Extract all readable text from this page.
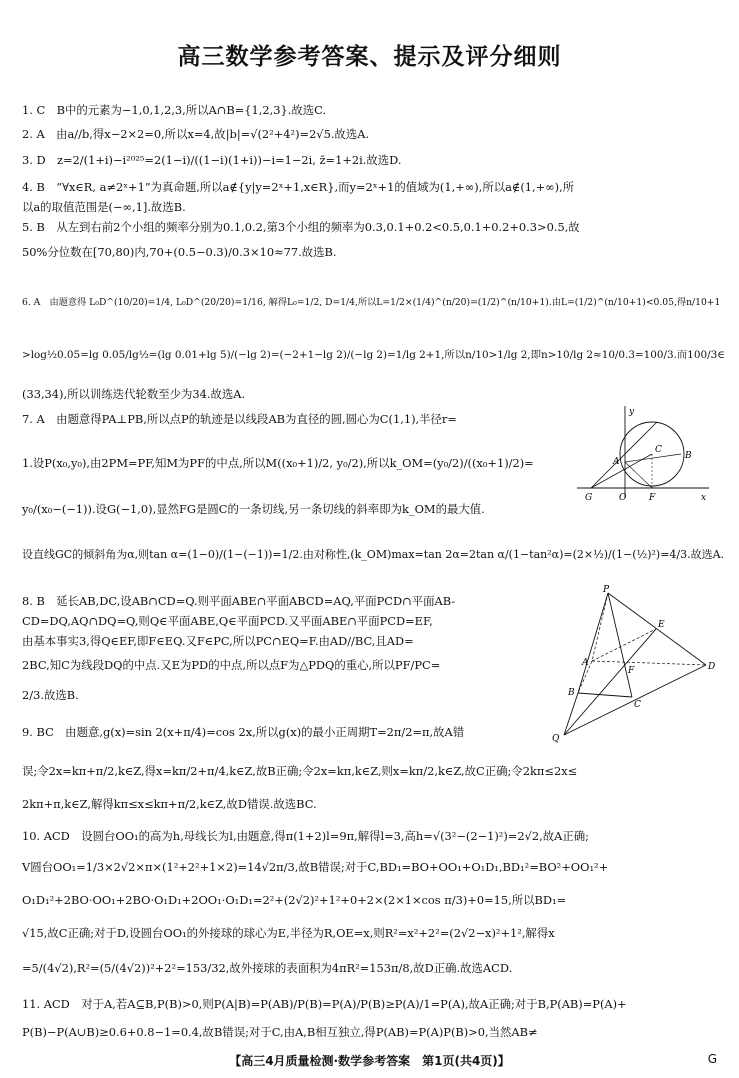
高三数学参考答案、提示及评分细则
1. C　B中的元素为−1,0,1,2,3,所以A∩B={1,2,3}.故选C.
2. A　由a//b,得x−2×2=0,所以x=4,故|b|=√(2²+4²)=2√5.故选A.
3. D　z=2/(1+i)−i²⁰²⁵=2(1−i)/((1−i)(1+i))−i=1−2i, z̄=1+2i.故选D.
4. B　“∀x∈R, a≠2ˣ+1”为真命题,所以a∉{y|y=2ˣ+1,x∈R},而y=2ˣ+1的值域为(1,+∞),所以a∉(1,+∞),所
以a的取值范围是(−∞,1].故选B.
5. B　从左到右前2个小组的频率分别为0.1,0.2,第3个小组的频率为0.3,0.1+0.2<0.5,0.1+0.2+0.3>0.5,故
50%分位数在[70,80)内,70+(0.5−0.3)/0.3×10≈77.故选B.
6. A　由题意得 L₀D^(10/20)=1/4, L₀D^(20/20)=1/16, 解得L₀=1/2, D=1/4,所以L=1/2×(1/4)^(n/20)=(1/2)^(n/10+1).由L=(1/2)^(n/10+1)<0.05,得n/10+1
>log½0.05=lg 0.05/lg½=(lg 0.01+lg 5)/(−lg 2)=(−2+1−lg 2)/(−lg 2)=1/lg 2+1,所以n/10>1/lg 2,即n>10/lg 2≈10/0.3=100/3.而100/3∈
(33,34),所以训练迭代轮数至少为34.故选A.
7. A　由题意得PA⊥PB,所以点P的轨迹是以线段AB为直径的圆,圆心为C(1,1),半径r=
1.设P(x₀,y₀),由2PM=PF,知M为PF的中点,所以M((x₀+1)/2, y₀/2),所以k_OM=(y₀/2)/((x₀+1)/2)=
y₀/(x₀−(−1)).设G(−1,0),显然FG是圆C的一条切线,另一条切线的斜率即为k_OM的最大值.
设直线GC的倾斜角为α,则tan α=(1−0)/(1−(−1))=1/2.由对称性,(k_OM)max=tan 2α=2tan α/(1−tan²α)=(2×½)/(1−(½)²)=4/3.故选A.
8. B　延长AB,DC,设AB∩CD=Q.则平面ABE∩平面ABCD=AQ,平面PCD∩平面AB-
CD=DQ,AQ∩DQ=Q,则Q∈平面ABE,Q∈平面PCD.又平面ABE∩平面PCD=EF,
由基本事实3,得Q∈EF,即F∈EQ.又F∈PC,所以PC∩EQ=F.由AD//BC,且AD=
2BC,知C为线段DQ的中点.又E为PD的中点,所以点F为△PDQ的重心,所以PF/PC=
2/3.故选B.
9. BC　由题意,g(x)=sin 2(x+π/4)=cos 2x,所以g(x)的最小正周期T=2π/2=π,故A错
误;令2x=kπ+π/2,k∈Z,得x=kπ/2+π/4,k∈Z,故B正确;令2x=kπ,k∈Z,则x=kπ/2,k∈Z,故C正确;令2kπ≤2x≤
2kπ+π,k∈Z,解得kπ≤x≤kπ+π/2,k∈Z,故D错误.故选BC.
10. ACD　设圆台OO₁的高为h,母线长为l,由题意,得π(1+2)l=9π,解得l=3,高h=√(3²−(2−1)²)=2√2,故A正确;
V圆台OO₁=1/3×2√2×π×(1²+2²+1×2)=14√2π/3,故B错误;对于C,BD₁=BO+OO₁+O₁D₁,BD₁²=BO²+OO₁²+
O₁D₁²+2BO·OO₁+2BO·O₁D₁+2OO₁·O₁D₁=2²+(2√2)²+1²+0+2×(2×1×cos π/3)+0=15,所以BD₁=
√15,故C正确;对于D,设圆台OO₁的外接球的球心为E,半径为R,OE=x,则R²=x²+2²=(2√2−x)²+1²,解得x
=5/(4√2),R²=(5/(4√2))²+2²=153/32,故外接球的表面积为4πR²=153π/8,故D正确.故选ACD.
11. ACD　对于A,若A⊆B,P(B)>0,则P(A|B)=P(AB)/P(B)=P(A)/P(B)≥P(A)/1=P(A),故A正确;对于B,P(AB)=P(A)+
P(B)−P(A∪B)≥0.6+0.8−1=0.4,故B错误;对于C,由A,B相互独立,得P(AB)=P(A)P(B)>0,当然AB≠
y
A
C
B
G	O	F	x
P
E
A
F	D
B
C
Q
【高三4月质量检测·数学参考答案　第1页(共4页)】	G
